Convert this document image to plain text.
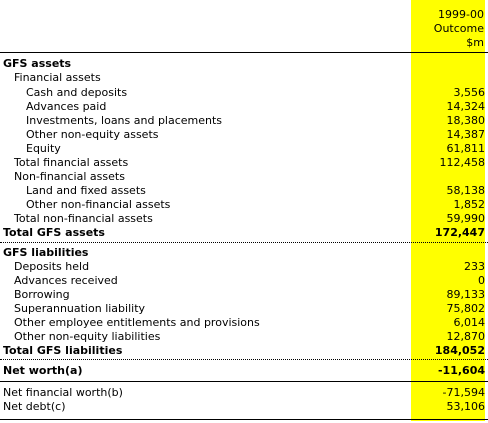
1999-00
Outcome
$m
GFS assets
Financial assets
Cash and deposits	3,556
Advances paid	14,324
Investments, loans and placements	18,380
Other non-equity assets	14,387
Equity	61,811
Total financial assets	112,458
Non-financial assets
Land and fixed assets	58,138
Other non-financial assets	1,852
Total non-financial assets	59,990
Total GFS assets	172,447
GFS liabilities
Deposits held	233
Advances received	0
Borrowing	89,133
Superannuation liability	75,802
Other employee entitlements and provisions	6,014
Other non-equity liabilities	12,870
Total GFS liabilities	184,052
Net worth(a)	-11,604
Net financial worth(b)	-71,594
Net debt(c)	53,106
